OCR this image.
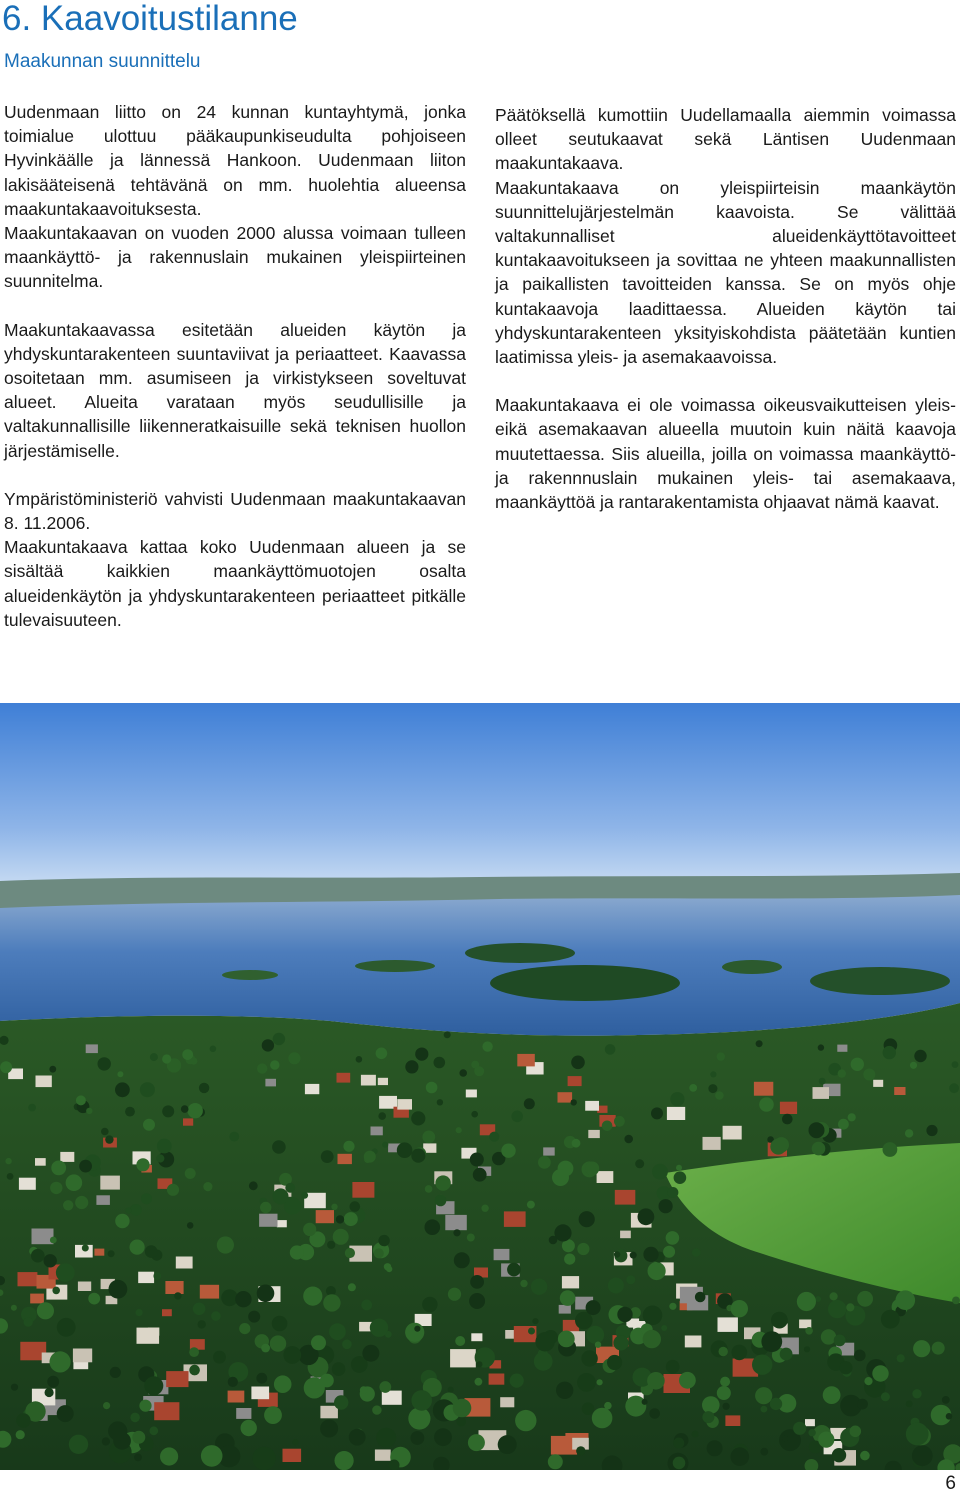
6. Kaavoitustilanne
Maakunnan suunnittelu

Uudenmaan liitto on 24 kunnan kuntayhtymä, jonka toimialue ulottuu pääkaupunkiseudulta pohjoiseen Hyvinkäälle ja lännessä Hankoon. Uudenmaan liiton lakisääteisenä tehtävänä on mm. huolehtia alueensa maakuntakaavoituksesta.

Maakuntakaavan on vuoden 2000 alussa voimaan tulleen maankäyttö- ja rakennuslain mukainen yleispiirteinen suunnitelma.

Maakuntakaavassa esitetään alueiden käytön ja yhdyskuntarakenteen suuntaviivat ja periaatteet. Kaavassa osoitetaan mm. asumiseen ja virkistykseen soveltuvat alueet. Alueita varataan myös seudullisille ja valtakunnallisille liikenneratkaisuille sekä teknisen huollon järjestämiselle.

Ympäristöministeriö vahvisti Uudenmaan maakuntakaavan 8. 11.2006.

Maakuntakaava kattaa koko Uudenmaan alueen ja se sisältää kaikkien maankäyttömuotojen osalta alueidenkäytön ja yhdyskuntarakenteen periaatteet pitkälle tulevaisuuteen.

Päätöksellä kumottiin Uudellamaalla aiemmin voimassa olleet seutukaavat sekä Läntisen Uudenmaan maakuntakaava.

Maakuntakaava on yleispiirteisin maankäytön suunnittelujärjestelmän kaavoista. Se välittää valtakunnalliset alueidenkäyttötavoitteet kuntakaavoitukseen ja sovittaa ne yhteen maakunnallisten ja paikallisten tavoitteiden kanssa. Se on myös ohje kuntakaavoja laadittaessa. Alueiden käytön tai yhdyskuntarakenteen yksityiskohdista päätetään kuntien laatimissa yleis- ja asemakaavoissa.

Maakuntakaava ei ole voimassa oikeusvaikutteisen yleis- eikä asemakaavan alueella muutoin kuin näitä kaavoja muutettaessa. Siis alueilla, joilla on voimassa maankäyttö- ja rakennnuslain mukainen yleis- tai asemakaava, maankäyttöä ja rantarakentamista ohjaavat nämä kaavat.

6
